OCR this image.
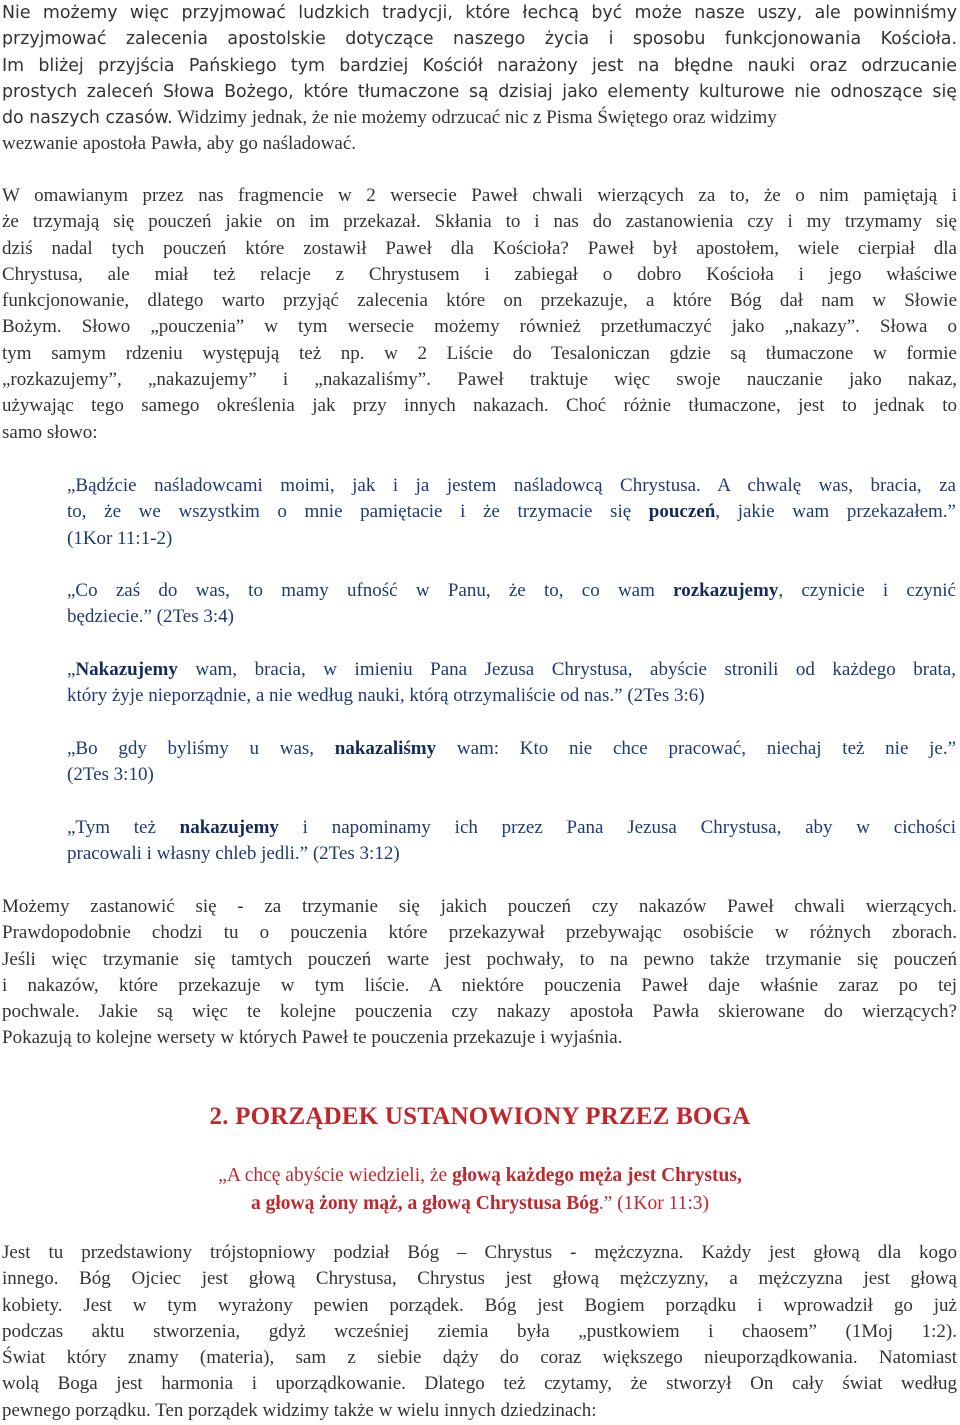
Nie możemy więc przyjmować ludzkich tradycji, które łechcą być może nasze uszy, ale powinniśmy
przyjmować zalecenia apostolskie dotyczące naszego życia i sposobu funkcjonowania Kościoła.
Im bliżej przyjścia Pańskiego tym bardziej Kościół narażony jest na błędne nauki oraz odrzucanie
prostych zaleceń Słowa Bożego, które tłumaczone są dzisiaj jako elementy kulturowe nie odnoszące się
do naszych czasów. Widzimy jednak, że nie możemy odrzucać nic z Pisma Świętego oraz widzimy
wezwanie apostoła Pawła, aby go naśladować.
W omawianym przez nas fragmencie w 2 wersecie Paweł chwali wierzących za to, że o nim pamiętają i
że trzymają się pouczeń jakie on im przekazał. Skłania to i nas do zastanowienia czy i my trzymamy się
dziś nadal tych pouczeń które zostawił Paweł dla Kościoła? Paweł był apostołem, wiele cierpiał dla
Chrystusa, ale miał też relacje z Chrystusem i zabiegał o dobro Kościoła i jego właściwe
funkcjonowanie, dlatego warto przyjąć zalecenia które on przekazuje, a które Bóg dał nam w Słowie
Bożym. Słowo „pouczenia” w tym wersecie możemy również przetłumaczyć jako „nakazy”. Słowa o
tym samym rdzeniu występują też np. w 2 Liście do Tesaloniczan gdzie są tłumaczone w formie
„rozkazujemy”, „nakazujemy” i „nakazaliśmy”. Paweł traktuje więc swoje nauczanie jako nakaz,
używając tego samego określenia jak przy innych nakazach. Choć różnie tłumaczone, jest to jednak to
samo słowo:
„Bądźcie naśladowcami moimi, jak i ja jestem naśladowcą Chrystusa. A chwalę was, bracia, za
to, że we wszystkim o mnie pamiętacie i że trzymacie się pouczeń, jakie wam przekazałem.”
(1Kor 11:1-2)
„Co zaś do was, to mamy ufność w Panu, że to, co wam rozkazujemy, czynicie i czynić
będziecie.” (2Tes 3:4)
„Nakazujemy wam, bracia, w imieniu Pana Jezusa Chrystusa, abyście stronili od każdego brata,
który żyje nieporządnie, a nie według nauki, którą otrzymaliście od nas.” (2Tes 3:6)
„Bo gdy byliśmy u was, nakazaliśmy wam: Kto nie chce pracować, niechaj też nie je.”
(2Tes 3:10)
„Tym też nakazujemy i napominamy ich przez Pana Jezusa Chrystusa, aby w cichości
pracowali i własny chleb jedli.” (2Tes 3:12)
Możemy zastanowić się - za trzymanie się jakich pouczeń czy nakazów Paweł chwali wierzących.
Prawdopodobnie chodzi tu o pouczenia które przekazywał przebywając osobiście w różnych zborach.
Jeśli więc trzymanie się tamtych pouczeń warte jest pochwały, to na pewno także trzymanie się pouczeń
i nakazów, które przekazuje w tym liście. A niektóre pouczenia Paweł daje właśnie zaraz po tej
pochwale. Jakie są więc te kolejne pouczenia czy nakazy apostoła Pawła skierowane do wierzących?
Pokazują to kolejne wersety w których Paweł te pouczenia przekazuje i wyjaśnia.
2. PORZĄDEK USTANOWIONY PRZEZ BOGA
„A chcę abyście wiedzieli, że głową każdego męża jest Chrystus,
a głową żony mąż, a głową Chrystusa Bóg.” (1Kor 11:3)
Jest tu przedstawiony trójstopniowy podział Bóg – Chrystus - mężczyzna. Każdy jest głową dla kogo
innego. Bóg Ojciec jest głową Chrystusa, Chrystus jest głową mężczyzny, a mężczyzna jest głową
kobiety. Jest w tym wyrażony pewien porządek. Bóg jest Bogiem porządku i wprowadził go już
podczas aktu stworzenia, gdyż wcześniej ziemia była „pustkowiem i chaosem” (1Moj 1:2).
Świat który znamy (materia), sam z siebie dąży do coraz większego nieuporządkowania. Natomiast
wolą Boga jest harmonia i uporządkowanie. Dlatego też czytamy, że stworzył On cały świat według
pewnego porządku. Ten porządek widzimy także w wielu innych dziedzinach:
